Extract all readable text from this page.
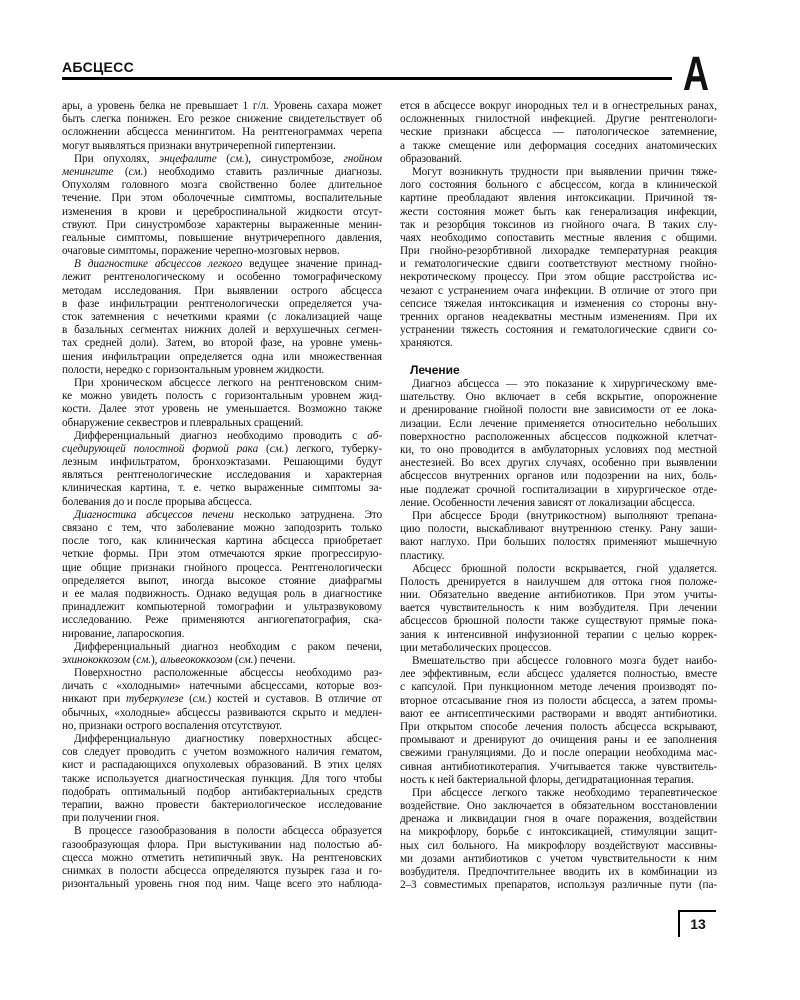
АБСЦЕСС	А
ары, а уровень белка не превышает 1 г/л. Уровень сахара может
быть слегка понижен. Его резкое снижение свидетельствует об
осложнении абсцесса менингитом. На рентгенограммах черепа
могут выявляться признаки внутричерепной гипертензии.
При опухолях, энцефалите (см.), синустромбозе, гнойном
менингите (см.) необходимо ставить различные диагнозы.
Опухолям головного мозга свойственно более длительное
течение. При этом оболочечные симптомы, воспалительные
изменения в крови и цереброспинальной жидкости отсут-
ствуют. При синустромбозе характерны выраженные менин-
геальные симптомы, повышение внутричерепного давления,
очаговые симптомы, поражение черепно-мозговых нервов.
В диагностике абсцессов легкого ведущее значение принад-
лежит рентгенологическому и особенно томографическому
методам исследования. При выявлении острого абсцесса
в фазе инфильтрации рентгенологически определяется уча-
сток затемнения с нечеткими краями (с локализацией чаще
в базальных сегментах нижних долей и верхушечных сегмен-
тах средней доли). Затем, во второй фазе, на уровне умень-
шения инфильтрации определяется одна или множественная
полости, нередко с горизонтальным уровнем жидкости.
При хроническом абсцессе легкого на рентгеновском сним-
ке можно увидеть полость с горизонтальным уровнем жид-
кости. Далее этот уровень не уменьшается. Возможно также
обнаружение секвестров и плевральных сращений.
Дифференциальный диагноз необходимо проводить с аб-
сцедирующей полостной формой рака (см.) легкого, туберку-
лезным инфильтратом, бронхоэктазами. Решающими будут
являться рентгенологические исследования и характерная
клиническая картина, т. е. четко выраженные симптомы за-
болевания до и после прорыва абсцесса.
Диагностика абсцессов печени несколько затруднена. Это
связано с тем, что заболевание можно заподозрить только
после того, как клиническая картина абсцесса приобретает
четкие формы. При этом отмечаются яркие прогрессирую-
щие общие признаки гнойного процесса. Рентгенологически
определяется выпот, иногда высокое стояние диафрагмы
и ее малая подвижность. Однако ведущая роль в диагностике
принадлежит компьютерной томографии и ультразвуковому
исследованию. Реже применяются ангиогепатография, ска-
нирование, лапароскопия.
Дифференциальный диагноз необходим с раком печени,
эхинококкозом (см.), альвеококкозом (см.) печени.
Поверхностно расположенные абсцессы необходимо раз-
личать с «холодными» натечными абсцессами, которые воз-
никают при туберкулезе (см.) костей и суставов. В отличие от
обычных, «холодные» абсцессы развиваются скрыто и медлен-
но, признаки острого воспаления отсутствуют.
Дифференциальную диагностику поверхностных абсцес-
сов следует проводить с учетом возможного наличия гематом,
кист и распадающихся опухолевых образований. В этих целях
также используется диагностическая пункция. Для того чтобы
подобрать оптимальный подбор антибактериальных средств
терапии, важно провести бактериологическое исследование
при получении гноя.
В процессе газообразования в полости абсцесса образуется
газообразующая флора. При выстукивании над полостью аб-
сцесса можно отметить нетипичный звук. На рентгеновских
снимках в полости абсцесса определяются пузырек газа и го-
ризонтальный уровень гноя под ним. Чаще всего это наблюда-
ется в абсцессе вокруг инородных тел и в огнестрельных ранах,
осложненных гнилостной инфекцией. Другие рентгенологи-
ческие признаки абсцесса — патологическое затемнение,
а также смещение или деформация соседних анатомических
образований.
Могут возникнуть трудности при выявлении причин тяже-
лого состояния больного с абсцессом, когда в клинической
картине преобладают явления интоксикации. Причиной тя-
жести состояния может быть как генерализация инфекции,
так и резорбция токсинов из гнойного очага. В таких слу-
чаях необходимо сопоставить местные явления с общими.
При гнойно-резорбтивной лихорадке температурная реакция
и гематологические сдвиги соответствуют местному гнойно-
некротическому процессу. При этом общие расстройства ис-
чезают с устранением очага инфекции. В отличие от этого при
сепсисе тяжелая интоксикация и изменения со стороны вну-
тренних органов неадекватны местным изменениям. При их
устранении тяжесть состояния и гематологические сдвиги со-
храняются.
Лечение
Диагноз абсцесса — это показание к хирургическому вме-
шательству. Оно включает в себя вскрытие, опорожнение
и дренирование гнойной полости вне зависимости от ее лока-
лизации. Если лечение применяется относительно небольших
поверхностно расположенных абсцессов подкожной клетчат-
ки, то оно проводится в амбулаторных условиях под местной
анестезией. Во всех других случаях, особенно при выявлении
абсцессов внутренних органов или подозрении на них, боль-
ные подлежат срочной госпитализации в хирургическое отде-
ление. Особенности лечения зависят от локализации абсцесса.
При абсцессе Броди (внутрикостном) выполняют трепана-
цию полости, выскабливают внутреннюю стенку. Рану заши-
вают наглухо. При больших полостях применяют мышечную
пластику.
Абсцесс брюшной полости вскрывается, гной удаляется.
Полость дренируется в наилучшем для оттока гноя положе-
нии. Обязательно введение антибиотиков. При этом учиты-
вается чувствительность к ним возбудителя. При лечении
абсцессов брюшной полости также существуют прямые пока-
зания к интенсивной инфузионной терапии с целью коррек-
ции метаболических процессов.
Вмешательство при абсцессе головного мозга будет наибо-
лее эффективным, если абсцесс удаляется полностью, вместе
с капсулой. При пункционном методе лечения производят по-
вторное отсасывание гноя из полости абсцесса, а затем промы-
вают ее антисептическими растворами и вводят антибиотики.
При открытом способе лечения полость абсцесса вскрывают,
промывают и дренируют до очищения раны и ее заполнения
свежими грануляциями. До и после операции необходима мас-
сивная антибиотикотерапия. Учитывается также чувствитель-
ность к ней бактериальной флоры, дегидратационная терапия.
При абсцессе легкого также необходимо терапевтическое
воздействие. Оно заключается в обязательном восстановлении
дренажа и ликвидации гноя в очаге поражения, воздействии
на микрофлору, борьбе с интоксикацией, стимуляции защит-
ных сил больного. На микрофлору воздействуют массивны-
ми дозами антибиотиков с учетом чувствительности к ним
возбудителя. Предпочтительнее вводить их в комбинации из
2–3 совместимых препаратов, используя различные пути (па-
13
